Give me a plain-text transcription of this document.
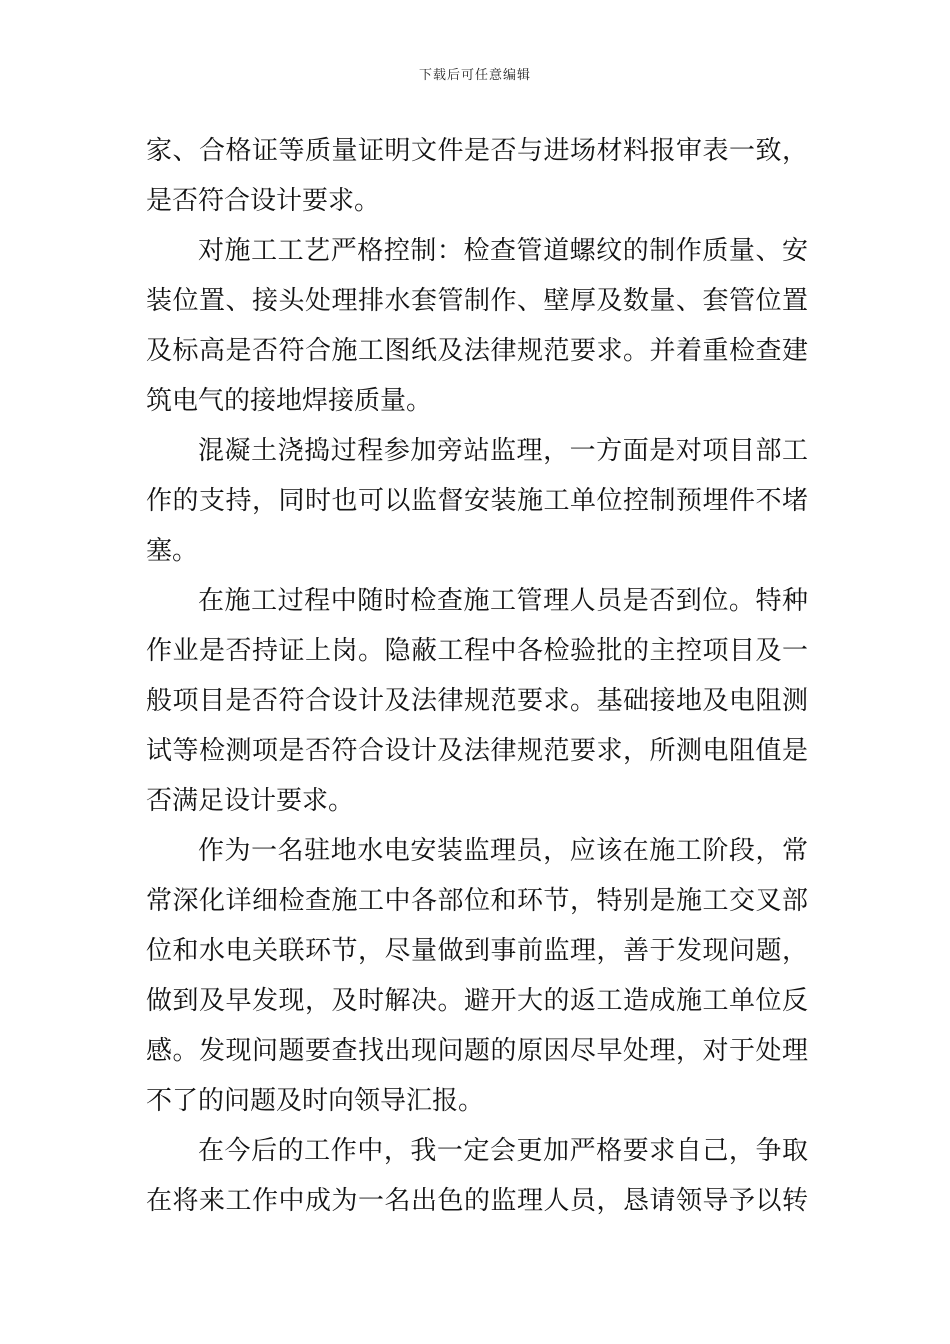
下载后可任意编辑
家、合格证等质量证明文件是否与进场材料报审表一致，
是否符合设计要求。
对施工工艺严格控制：检查管道螺纹的制作质量、安
装位置、接头处理排水套管制作、壁厚及数量、套管位置
及标高是否符合施工图纸及法律规范要求。并着重检查建
筑电气的接地焊接质量。
混凝土浇捣过程参加旁站监理，一方面是对项目部工
作的支持，同时也可以监督安装施工单位控制预埋件不堵
塞。
在施工过程中随时检查施工管理人员是否到位。特种
作业是否持证上岗。隐蔽工程中各检验批的主控项目及一
般项目是否符合设计及法律规范要求。基础接地及电阻测
试等检测项是否符合设计及法律规范要求，所测电阻值是
否满足设计要求。
作为一名驻地水电安装监理员，应该在施工阶段，常
常深化详细检查施工中各部位和环节，特别是施工交叉部
位和水电关联环节，尽量做到事前监理，善于发现问题，
做到及早发现，及时解决。避开大的返工造成施工单位反
感。发现问题要查找出现问题的原因尽早处理，对于处理
不了的问题及时向领导汇报。
在今后的工作中，我一定会更加严格要求自己，争取
在将来工作中成为一名出色的监理人员，恳请领导予以转
